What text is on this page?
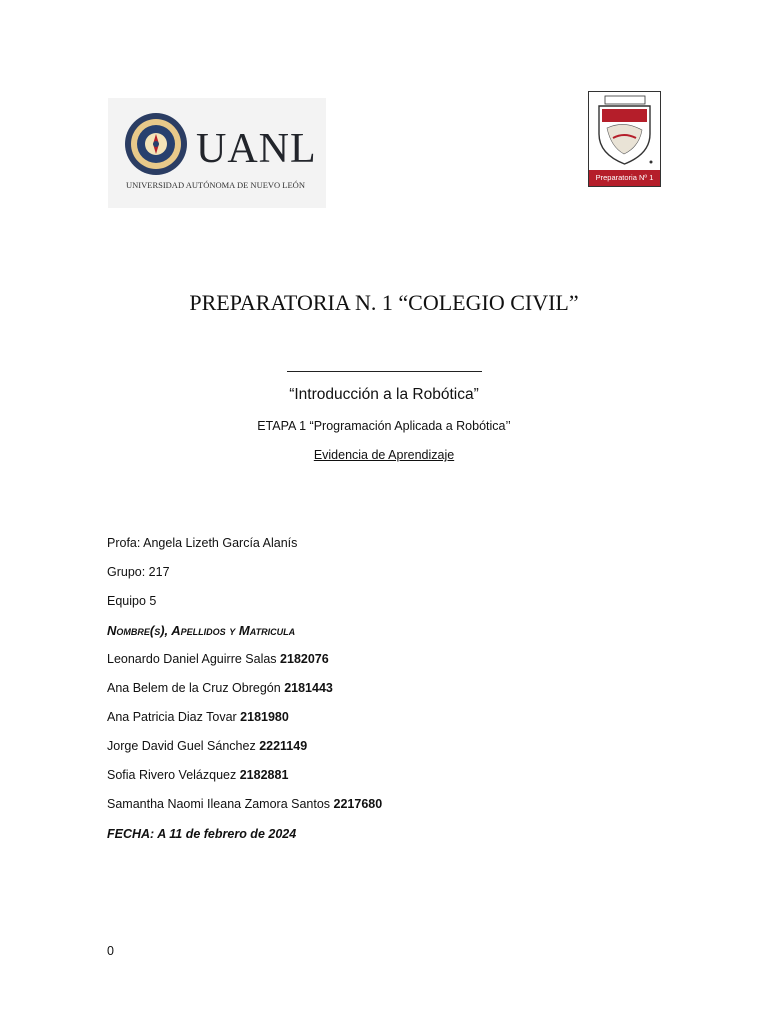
UANL
UNIVERSIDAD AUTÓNOMA DE NUEVO LEÓN
Preparatoria Nº 1
PREPARATORIA N. 1 “COLEGIO CIVIL”
“Introducción a la Robótica”
ETAPA 1 “Programación Aplicada a Robótica’’
Evidencia de Aprendizaje
Profa: Angela Lizeth García Alanís
Grupo: 217
Equipo 5
Nombre(s), Apellidos y Matricula
Leonardo Daniel Aguirre Salas 2182076
Ana Belem de la Cruz Obregón 2181443
Ana Patricia Diaz Tovar 2181980
Jorge David Guel Sánchez 2221149
Sofia Rivero Velázquez 2182881
Samantha Naomi Ileana Zamora Santos 2217680
FECHA: A 11 de febrero de 2024
0
